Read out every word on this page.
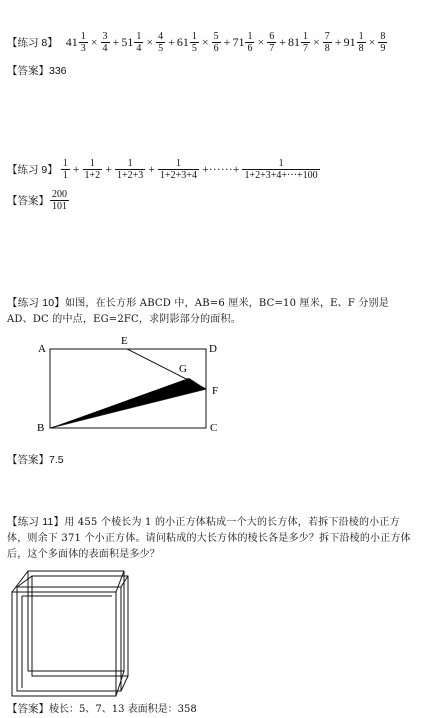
【练习 8】 $41 \frac{1}{3} \times \frac{3}{4} + 51 \frac{1}{4} \times \frac{4}{5} + 61 \frac{1}{5} \times \frac{5}{6} + 71 \frac{1}{6} \times \frac{6}{7} + 81 \frac{1}{7} \times \frac{7}{8} + 91 \frac{1}{8} \times \frac{8}{9}$
【答案】336
【练习 9】 $\frac{1}{1} + \frac{1}{1+2} + \frac{1}{1+2+3} + \frac{1}{1+2+3+4}$ +······+ $\frac{1}{1+2+3+4+\cdot\cdot\cdot+100}$
【答案】 $\frac{200}{101}$
【练习 10】如图，在长方形 ABCD 中，AB=6 厘米，BC=10 厘米，E、F 分别是 AD、DC 的中点，EG=2FC，求阴影部分的面积。
A
B	C
D
E
F
G
【答案】7.5
【练习 11】用 455 个棱长为 1 的小正方体粘成一个大的长方体，若拆下沿棱的小正方体，则余下 371 个小正方体。请问粘成的大长方体的棱长各是多少？拆下沿棱的小正方体后，这个多面体的表面积是多少？
【答案】棱长：5、7、13 表面积是：358
